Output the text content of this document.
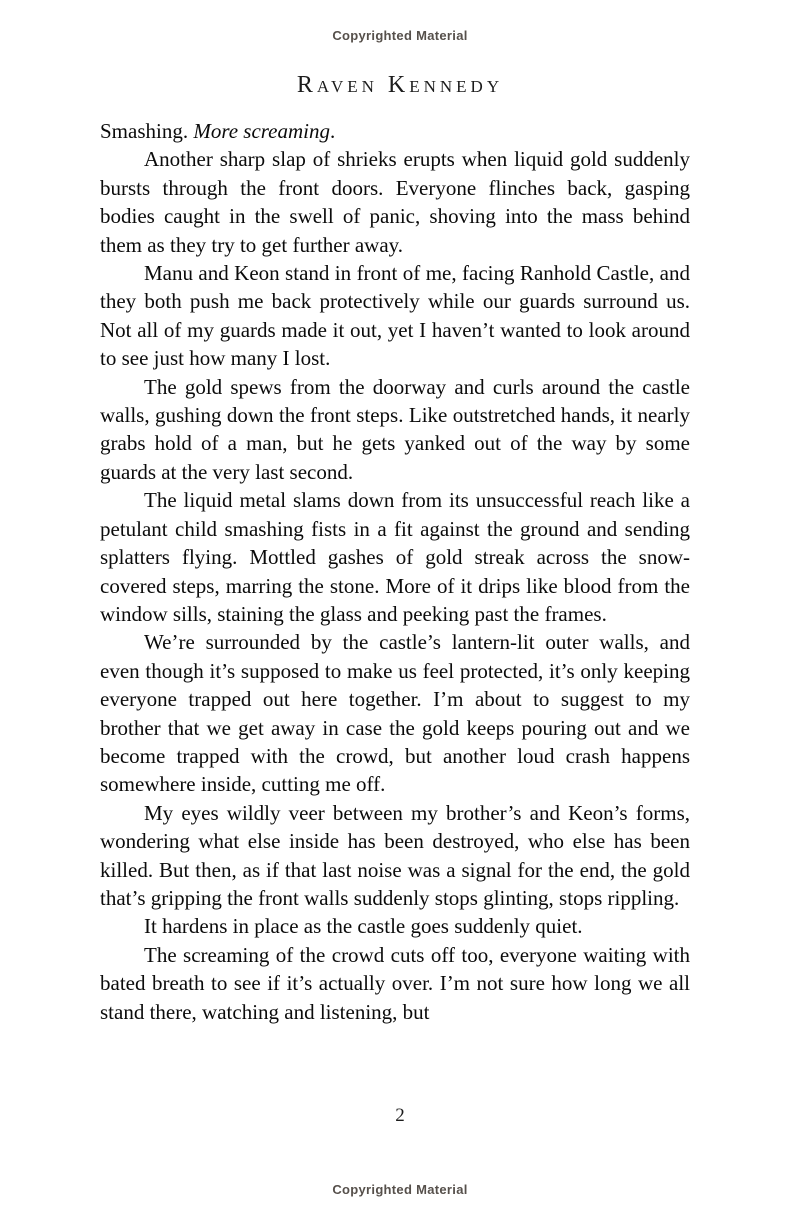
Copyrighted Material
Raven Kennedy

Smashing. More screaming.

Another sharp slap of shrieks erupts when liquid gold suddenly bursts through the front doors. Everyone flinches back, gasping bodies caught in the swell of panic, shoving into the mass behind them as they try to get further away.

Manu and Keon stand in front of me, facing Ranhold Castle, and they both push me back protectively while our guards surround us. Not all of my guards made it out, yet I haven’t wanted to look around to see just how many I lost.

The gold spews from the doorway and curls around the castle walls, gushing down the front steps. Like outstretched hands, it nearly grabs hold of a man, but he gets yanked out of the way by some guards at the very last second.

The liquid metal slams down from its unsuccessful reach like a petulant child smashing fists in a fit against the ground and sending splatters flying. Mottled gashes of gold streak across the snow-covered steps, marring the stone. More of it drips like blood from the window sills, staining the glass and peeking past the frames.

We’re surrounded by the castle’s lantern-lit outer walls, and even though it’s supposed to make us feel protected, it’s only keeping everyone trapped out here together. I’m about to suggest to my brother that we get away in case the gold keeps pouring out and we become trapped with the crowd, but another loud crash happens somewhere inside, cutting me off.

My eyes wildly veer between my brother’s and Keon’s forms, wondering what else inside has been destroyed, who else has been killed. But then, as if that last noise was a signal for the end, the gold that’s gripping the front walls suddenly stops glinting, stops rippling.

It hardens in place as the castle goes suddenly quiet.

The screaming of the crowd cuts off too, everyone waiting with bated breath to see if it’s actually over. I’m not sure how long we all stand there, watching and listening, but

2
Copyrighted Material
